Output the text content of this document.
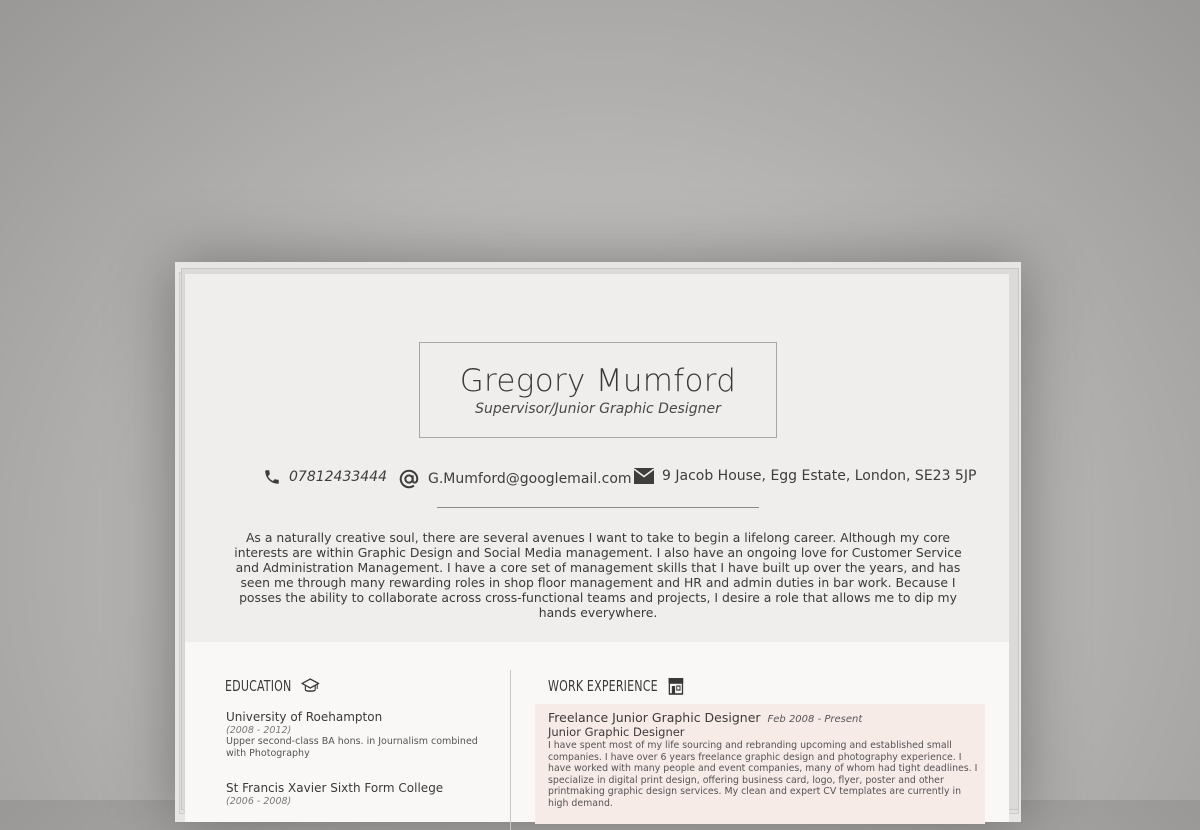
Gregory Mumford
Supervisor/Junior Graphic Designer
07812433444	G.Mumford@googlemail.com 9 Jacob House, Egg Estate, London, SE23 5JP
As a naturally creative soul, there are several avenues I want to take to begin a lifelong career. Although my core interests are within Graphic Design and Social Media management. I also have an ongoing love for Customer Service and Administration Management. I have a core set of management skills that I have built up over the years, and has seen me through many rewarding roles in shop floor management and HR and admin duties in bar work. Because I posses the ability to collaborate across cross-functional teams and projects, I desire a role that allows me to dip my hands everywhere.
EDUCATION
University of Roehampton
(2008 - 2012)
Upper second-class BA hons. in Journalism combined with Photography
St Francis Xavier Sixth Form College
(2006 - 2008)
WORK EXPERIENCE
Freelance Junior Graphic Designer Feb 2008 - Present
Junior Graphic Designer
I have spent most of my life sourcing and rebranding upcoming and established small companies. I have over 6 years freelance graphic design and photography experience. I have worked with many people and event companies, many of whom had tight deadlines. I specialize in digital print design, offering business card, logo, flyer, poster and other printmaking graphic design services. My clean and expert CV templates are currently in high demand.
